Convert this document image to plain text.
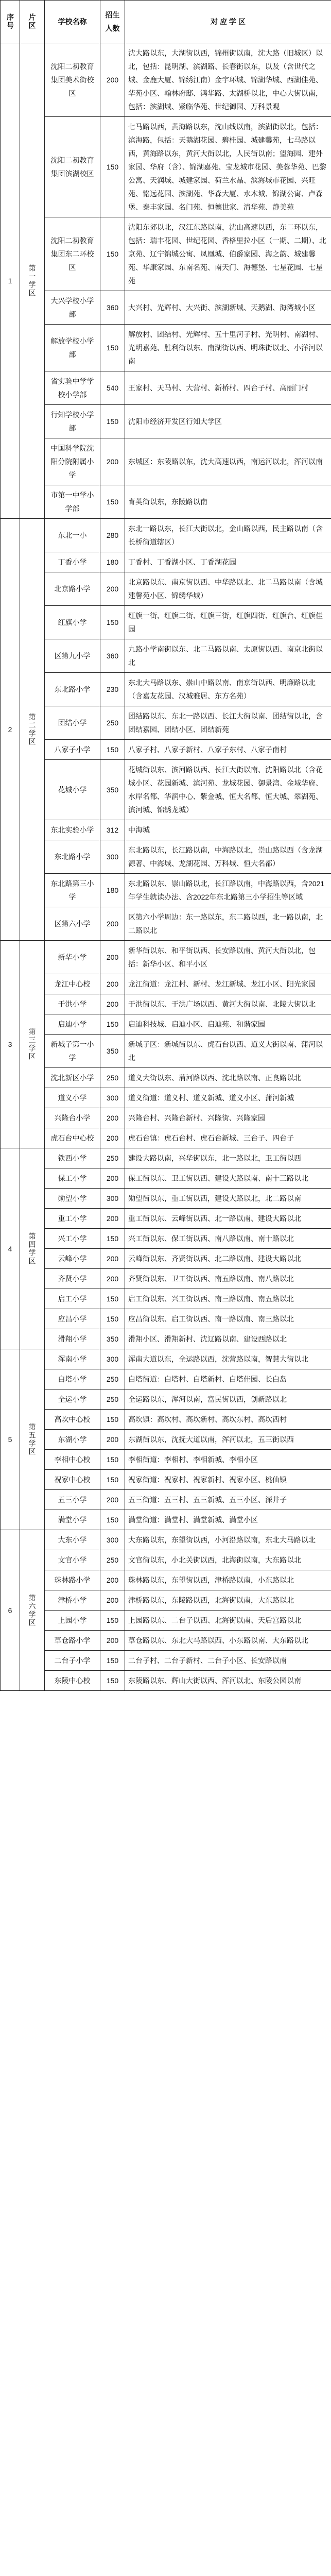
序号	片区	学校名称	招生人数	对 应 学 区
1	第一学区	沈阳二初教育集团美术街校区	200	沈大路以东，大湖街以西，锦州街以南，沈大路（旧城区）以北，包括：昆明湖、滨湖路、长春街以东，以及（含世代之城、金鹿大厦、锦绣江南）金宇环城、锦湖华城、西湖佳苑、华苑小区、翰林府邸、鸿华路、太湖桥以北，中心大街以南，包括：滨湖城、紧临华苑、世纪御园、万科景观
		沈阳二初教育集团滨湖校区	150	七马路以西，黄海路以东，沈山线以南，滨湖街以北，包括：滨海路，包括：天鹅湖花园、碧桂园、城建馨苑，七马路以西，黄海路以东，黄河大街以北，人民街以南；望海园、建外家园、华府（含）、锦湖嘉苑、宝龙城市花园、美蓉华苑、巴黎公寓、天润城、城建家园、荷兰水晶、滨海城市花园、兴旺苑、铭远花园、滨湖苑、华森大厦、水木城、锦湖公寓、卢森堡、泰丰家园、名门苑、恒德世家、清华苑、静美苑
		沈阳二初教育集团东二环校区	150	沈阳东郊以北，汉江东路以南，沈山高速以西，东二环以东，包括：瑞丰花园、世纪花园、香格里拉小区（一期、二期）、北京苑、辽宁锦城公寓、凤凰城、伯爵家园、海之韵、城建馨苑、华康家园、东南名苑、南天门、海德堡、七星花园、七星苑
		大兴学校小学部	360	大兴村、光辉村、大兴街、滨湖新城、天鹅湖、海湾城小区
		解放学校小学部	150	解放村、团结村、光辉村、五十里河子村、光明村、南湖村、光明嘉苑、胜利街以东、南湖街以西、明珠街以北、小洋河以南
		省实验中学学校小学部	540	王家村、天马村、大营村、新桥村、四台子村、高丽门村
		行知学校小学部	150	沈阳市经济开发区行知大学区
		中国科学院沈阳分院附属小学	200	东城区：东陵路以东，沈大高速以西，南运河以北，浑河以南
		市第一中学小学部	150	育英街以东，东陵路以南
2	第二学区	东北一小	280	东北一路以东，长江大街以北，金山路以西，民主路以南（含长桥街道辖区）
		丁香小学	180	丁香村、丁香湖小区、丁香湖花园
		北京路小学	200	北京路以东、南京街以西、中华路以北、北二马路以南（含城建馨苑小区、锦绣华城）
		红旗小学	150	红旗一街、红旗二街、红旗三街，红旗四街、红旗台、红旗佳园
		区第九小学	360	九路小学南街以东、北二马路以南、太原街以西、南京北街以北
		东北路小学	230	东北大马路以东、崇山中路以南、南京街以西、明廉路以北（含嘉友花园、汉城雅居、东方名苑）
		团结小学	250	团结路以东、东北一路以西、长江大街以南、团结街以北，含团结嘉园、团结小区、团结新苑
		八家子小学	150	八家子村、八家子新村、八家子东村、八家子南村
		花城小学	350	花城街以东、滨河路以西、长江大街以南、沈阳路以北（含花城小区、花园新城、滨河苑、龙城花园、御景湾、金域华府、水岸名都、华润中心、紫金城、恒大名都、恒大城、翠湖苑、滨河城、锦绣龙城）
		东北实验小学	312	中海城
		东北路小学	300	东北路以东，长江路以南，中海路以北，崇山路以西（含龙湖源著、中海城、龙湖花园、万科城、恒大名都）
		东北路第三小学	180	东北路以东、崇山路以北，长江路以南，中海路以西，含2021年学生就读办法、含2022年东北路第三小学招生等区域
		区第六小学	200	区第六小学周边：东一路以东，东二路以西，北一路以南，北二路以北
3	第三学区	新华小学	200	新华街以东、和平街以西、长安路以南、黄河大街以北，包括：新华小区、和平小区
		龙江中心校	200	龙江街道：龙江村、新村、龙江新城、龙江小区、阳光家园
		于洪小学	200	于洪街以东、于洪广场以西、黄河大街以南、北陵大街以北
		启迪小学	150	启迪科技城、启迪小区、启迪苑、和谐家园
		新城子第一小学	350	新城子区：新城街以东、虎石台以西、道义大街以南、蒲河以北
		沈北新区小学	250	道义大街以东、蒲河路以西、沈北路以南、正良路以北
		道义小学	300	道义街道：道义村、道义新城、道义小区、蒲河新城
		兴隆台小学	200	兴隆台村、兴隆台新村、兴隆街、兴隆家园
		虎石台中心校	200	虎石台镇：虎石台村、虎石台新城、三台子、四台子
4	第四学区	铁西小学	250	建设大路以南，兴华街以东，北一路以北，卫工街以西
		保工小学	200	保工街以东、卫工街以西、建设大路以南、南十三路以北
		勋望小学	300	勋望街以东，重工街以西，建设大路以北，北二路以南
		重工小学	200	重工街以东、云峰街以西、北一路以南、建设大路以北
		兴工小学	150	兴工街以东、保工街以西、南八路以南、南十路以北
		云峰小学	200	云峰街以东、齐贤街以西、北二路以南、建设大路以北
		齐贤小学	200	齐贤街以东、卫工街以西、南五路以南、南八路以北
		启工小学	150	启工街以东、兴工街以西、南三路以南、南五路以北
		应昌小学	150	应昌街以东、启工街以西、南一路以南、南三路以北
		滑翔小学	350	滑翔小区、滑翔新村、沈辽路以南、建设西路以北
5	第五学区	浑南小学	300	浑南大道以东，全运路以西，沈营路以南，智慧大街以北
		白塔小学	250	白塔街道：白塔村、白塔新村、白塔佳园、长白岛
		全运小学	250	全运路以东，浑河以南，富民街以西，创新路以北
		高坎中心校	150	高坎镇：高坎村、高坎新村、高坎东村、高坎西村
		东湖小学	200	东湖街以东，沈抚大道以南，浑河以北，五三街以西
		李相中心校	150	李相街道：李相村、李相新城、李相小区
		祝家中心校	150	祝家街道：祝家村、祝家新村、祝家小区、桃仙镇
		五三小学	200	五三街道：五三村、五三新城、五三小区、深井子
		满堂小学	150	满堂街道：满堂村、满堂新城、满堂小区
6	第六学区	大东小学	300	大东路以东，东望街以西，小河沿路以南，东北大马路以北
		文官小学	250	文官街以东，小北关街以西，北海街以南，大东路以北
		珠林路小学	200	珠林路以东，东望街以西，津桥路以南，小东路以北
		津桥小学	200	津桥路以东，东陵路以西，北海街以南，大东路以北
		上园小学	150	上园路以东、二台子以西、北海街以南、天后宫路以北
		草仓路小学	200	草仓路以东、东北大马路以西、小东路以南、大东路以北
		二台子小学	150	二台子村、二台子新村、二台子小区、长安路以南
		东陵中心校	150	东陵路以东、辉山大街以西、浑河以北、东陵公园以南
